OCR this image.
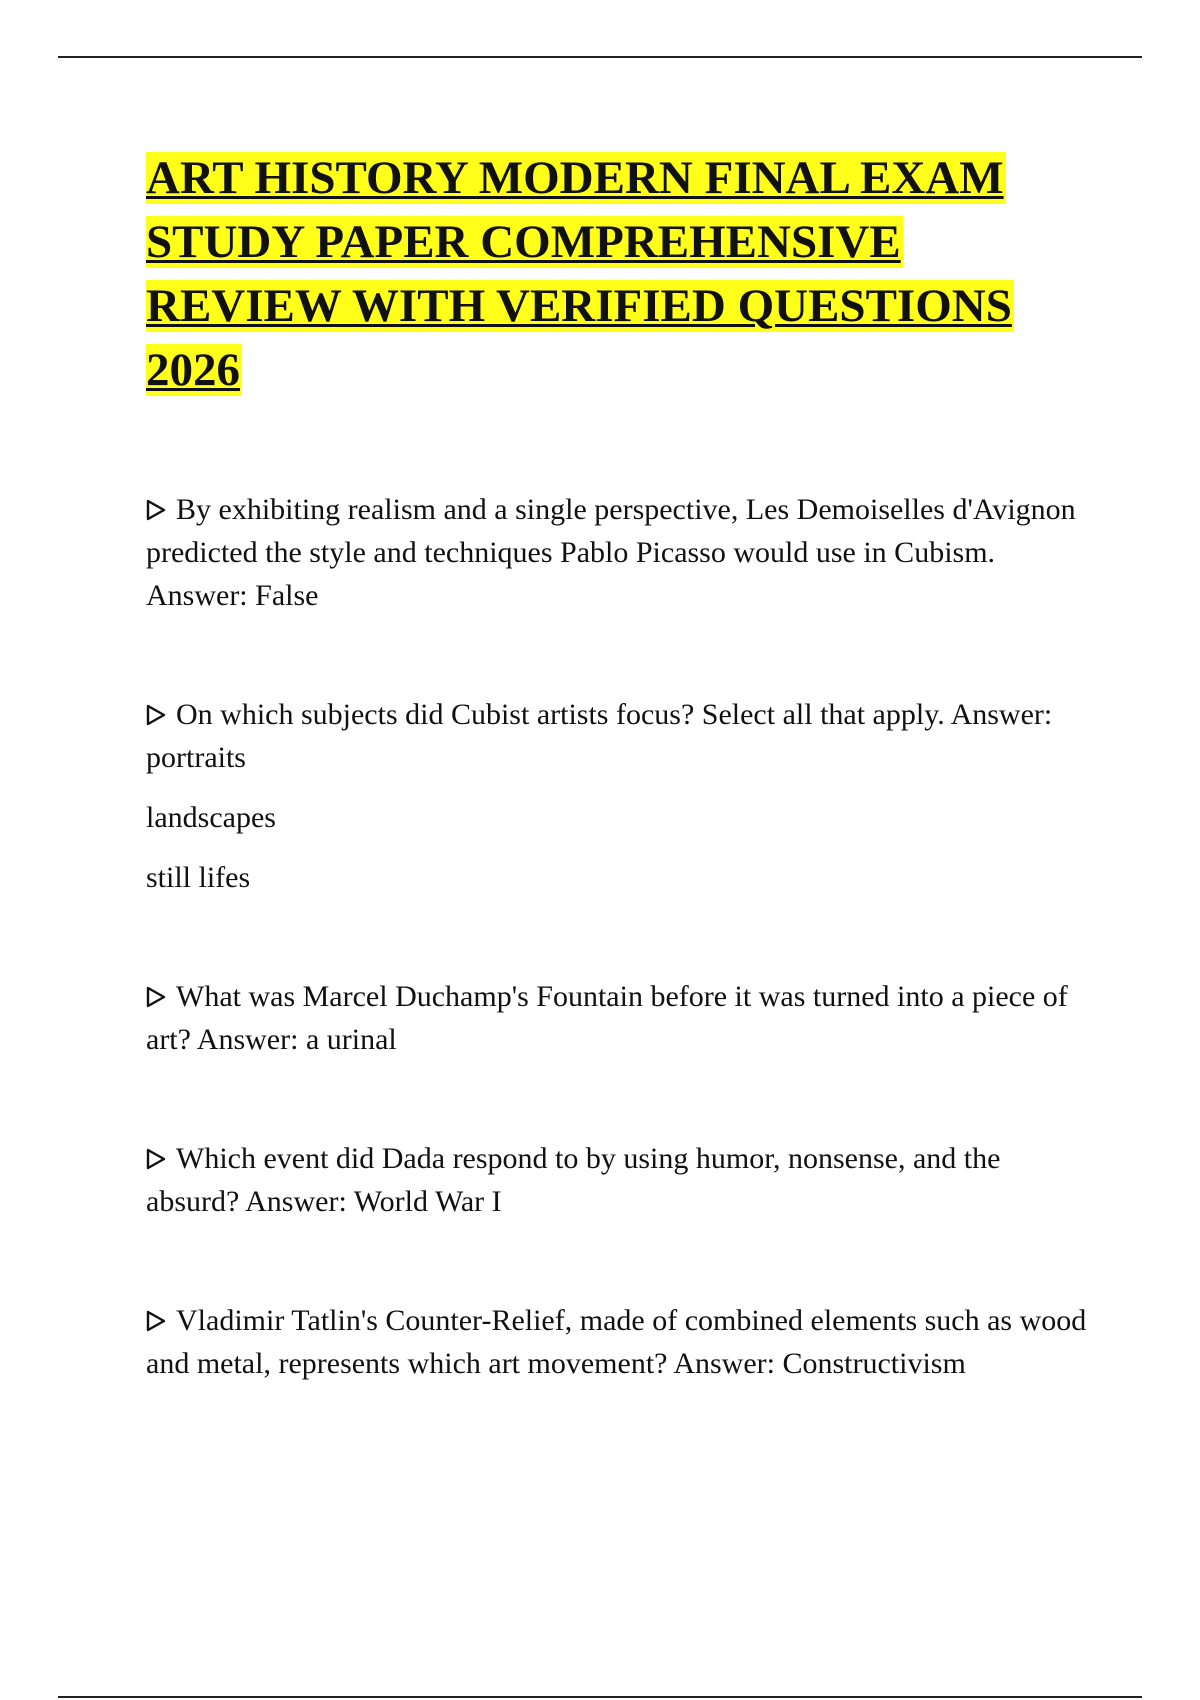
ART HISTORY MODERN FINAL EXAM STUDY PAPER COMPREHENSIVE REVIEW WITH VERIFIED QUESTIONS 2026
By exhibiting realism and a single perspective, Les Demoiselles d'Avignon predicted the style and techniques Pablo Picasso would use in Cubism. Answer: False
On which subjects did Cubist artists focus? Select all that apply. Answer: portraits
landscapes
still lifes
What was Marcel Duchamp's Fountain before it was turned into a piece of art? Answer: a urinal
Which event did Dada respond to by using humor, nonsense, and the absurd? Answer: World War I
Vladimir Tatlin's Counter-Relief, made of combined elements such as wood and metal, represents which art movement? Answer: Constructivism
